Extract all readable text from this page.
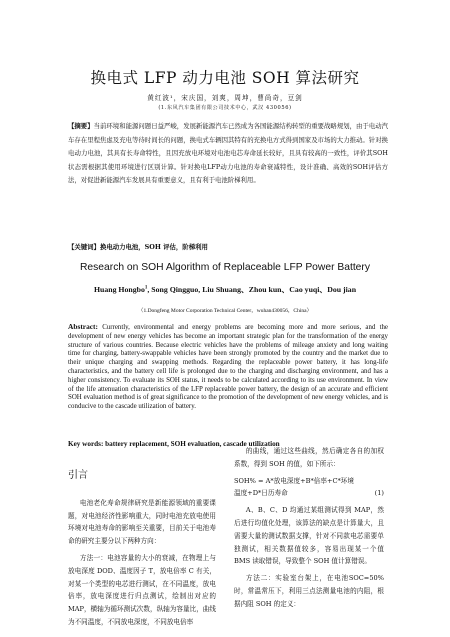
换电式 LFP 动力电池 SOH 算法研究
黄红波¹，宋庆国，刘爽，周坤，曹尚奇，豆剑
(1.东风汽车集团有限公司技术中心，武汉 430056)
【摘要】当前环境和能源问题日益严峻，发展新能源汽车已然成为各国能源结构转型的重要战略规划，由于电动汽车存在里程焦虑及充电等待时间长的问题，换电式车辆因其特有的充换电方式得到国家及市场的大力推动。针对换电动力电池，其具有长寿命特性，且因充放电环境对电池电芯寿命延长较好，且具有较高的一致性，评价其SOH状态需根据其使用环境进行区别计算。针对换电LFP动力电池的寿命衰减特性，设计准确、高效的SOH评估方法，对促进新能源汽车发展具有重要意义，且有利于电池阶梯利用。
【关键词】换电动力电池，SOH 评估，阶梯利用
Research on SOH Algorithm of Replaceable LFP Power Battery
Huang Hongbo$^1$, Song Qingguo, Liu Shuang、Zhou kun、Cao yuqi、Dou jian
（1.Dongfeng Motor Corporation Technical Center，wuhan430056，China）
Abstract: Currently, environmental and energy problems are becoming more and more serious, and the development of new energy vehicles has become an important strategic plan for the transformation of the energy structure of various countries. Because electric vehicles have the problems of mileage anxiety and long waiting time for charging, battery-swappable vehicles have been strongly promoted by the country and the market due to their unique charging and swapping methods. Regarding the replaceable power battery, it has long-life characteristics, and the battery cell life is prolonged due to the charging and discharging environment, and has a higher consistency. To evaluate its SOH status, it needs to be calculated according to its use environment. In view of the life attenuation characteristics of the LFP replaceable power battery, the design of an accurate and efficient SOH evaluation method is of great significance to the promotion of the development of new energy vehicles, and is conducive to the cascade utilization of battery.
Key words: battery replacement, SOH evaluation, cascade utilization
引言

电池老化寿命规律研究是新能源领域的重要课题，对电池经济性影响重大，同时电池充放电使用环境对电池寿命的影响至关重要，目前关于电池寿命的研究主要分以下两种方向：

方法一：电池容量的大小的衰减，在物理上与放电深度 DOD、温度因子 T，放电倍率 C 有关，对某一个类型的电芯进行测试，在不同温度，放电倍率，放电深度进行归点测试，绘制出对应的 MAP，横轴为循环测试次数，纵轴为容量比，曲线为不同温度，不同放电深度，不同放电倍率

的曲线，通过这些曲线，然后确定各自的加权系数，得到 SOH 的值，如下所示：

SOH% = A*放电深度+B*倍率+C*环境

温度+D*日历寿命	(1)

A、B、C、D 均通过某组测试得到 MAP，然后进行均值化处理，该算法的缺点是计算量大，且需要大量的测试数据支撑，针对不同款电芯需要单独测试，相关数据值较多，容易出现某一个值 BMS 读取错误，导致整个 SOH 值计算错误。

方法二：实验室台架上，在电池SOC=50%时，常温常压下，利用三点法测量电池的内阻，根据内阻 SOH 的定义：
